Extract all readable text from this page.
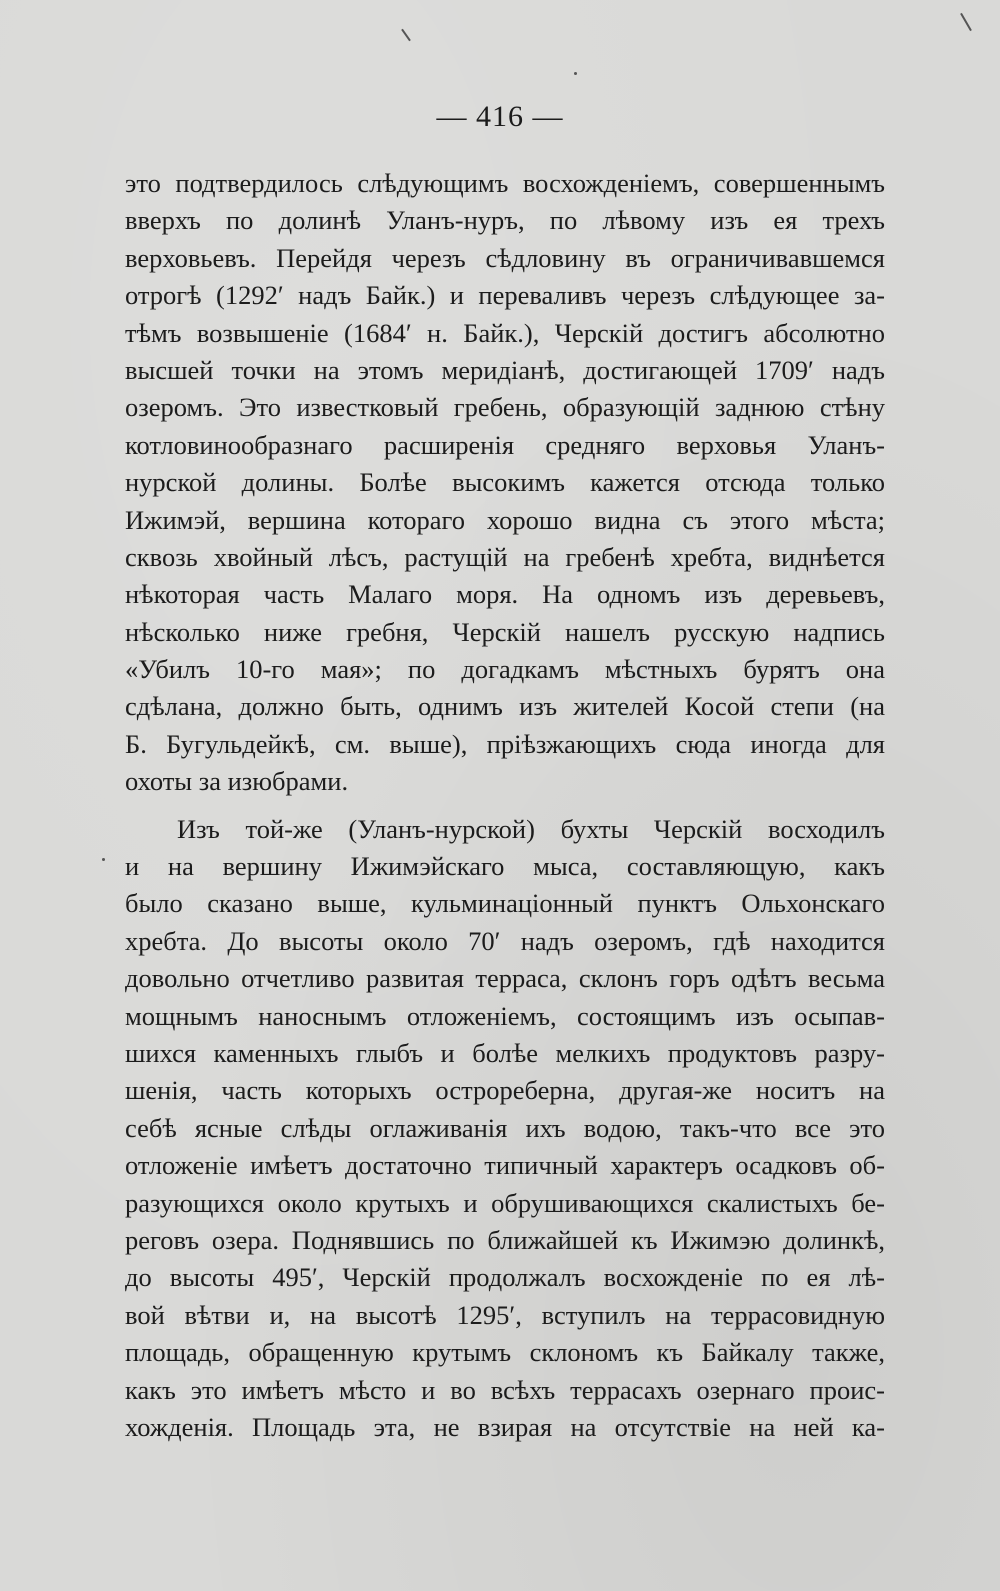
— 416 —
это подтвердилось слѣдующимъ восхожденіемъ, совершеннымъ
вверхъ по долинѣ Уланъ-нуръ, по лѣвому изъ ея трехъ
верховьевъ. Перейдя черезъ сѣдловину въ ограничивавшемся
отрогѣ (1292′ надъ Байк.) и переваливъ черезъ слѣдующее за-
тѣмъ возвышеніе (1684′ н. Байк.), Черскій достигъ абсолютно
высшей точки на этомъ меридіанѣ, достигающей 1709′ надъ
озеромъ. Это известковый гребень, образующій заднюю стѣну
котловинообразнаго расширенія средняго верховья Уланъ-
нурской долины. Болѣе высокимъ кажется отсюда только
Ижимэй, вершина котораго хорошо видна съ этого мѣста;
сквозь хвойный лѣсъ, растущій на гребенѣ хребта, виднѣется
нѣкоторая часть Малаго моря. На одномъ изъ деревьевъ,
нѣсколько ниже гребня, Черскій нашелъ русскую надпись
«Убилъ 10-го мая»; по догадкамъ мѣстныхъ бурятъ она
сдѣлана, должно быть, однимъ изъ жителей Косой степи (на
Б. Бугульдейкѣ, см. выше), пріѣзжающихъ сюда иногда для
охоты за изюбрами.
Изъ той-же (Уланъ-нурской) бухты Черскій восходилъ
и на вершину Ижимэйскаго мыса, составляющую, какъ
было сказано выше, кульминаціонный пунктъ Ольхонскаго
хребта. До высоты около 70′ надъ озеромъ, гдѣ находится
довольно отчетливо развитая терраса, склонъ горъ одѣтъ весьма
мощнымъ наноснымъ отложеніемъ, состоящимъ изъ осыпав-
шихся каменныхъ глыбъ и болѣе мелкихъ продуктовъ разру-
шенія, часть которыхъ острореберна, другая-же носитъ на
себѣ ясные слѣды оглаживанія ихъ водою, такъ-что все это
отложеніе имѣетъ достаточно типичный характеръ осадковъ об-
разующихся около крутыхъ и обрушивающихся скалистыхъ бе-
реговъ озера. Поднявшись по ближайшей къ Ижимэю долинкѣ,
до высоты 495′, Черскій продолжалъ восхожденіе по ея лѣ-
вой вѣтви и, на высотѣ 1295′, вступилъ на террасовидную
площадь, обращенную крутымъ склономъ къ Байкалу также,
какъ это имѣетъ мѣсто и во всѣхъ террасахъ озернаго проис-
хожденія. Площадь эта, не взирая на отсутствіе на ней ка-
